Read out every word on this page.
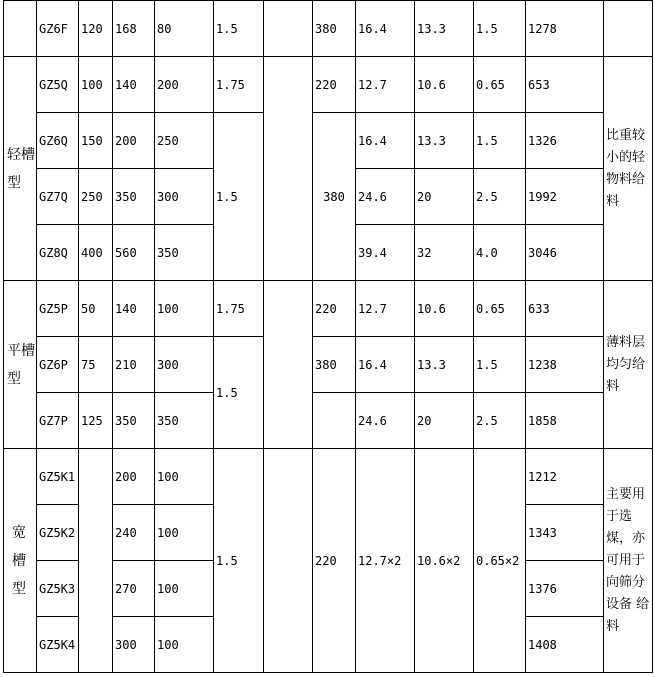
	GZ6F	120	168	80	1.5		380	16.4	13.3	1.5	1278	
轻槽型	GZ5Q	100	140	200	1.75		220	12.7	10.6	0.65	653	比重较小的轻物料给料
	GZ6Q	150	200	250	1.5		380	16.4	13.3	1.5	1326	
	GZ7Q	250	350	300				24.6	20	2.5	1992	
	GZ8Q	400	560	350				39.4	32	4.0	3046	
平槽型	GZ5P	50	140	100	1.75		220	12.7	10.6	0.65	633	薄料层均匀给料
	GZ6P	75	210	300	1.5		380	16.4	13.3	1.5	1238	
	GZ7P	125	350	350				24.6	20	2.5	1858	
宽槽型	GZ5K1		200	100	1.5		220	12.7×2	10.6×2	0.65×2	1212	主要用于选煤，亦可用于向筛分设备 给料
	GZ5K2		240	100							1343	
	GZ5K3		270	100							1376	
	GZ5K4		300	100							1408	
